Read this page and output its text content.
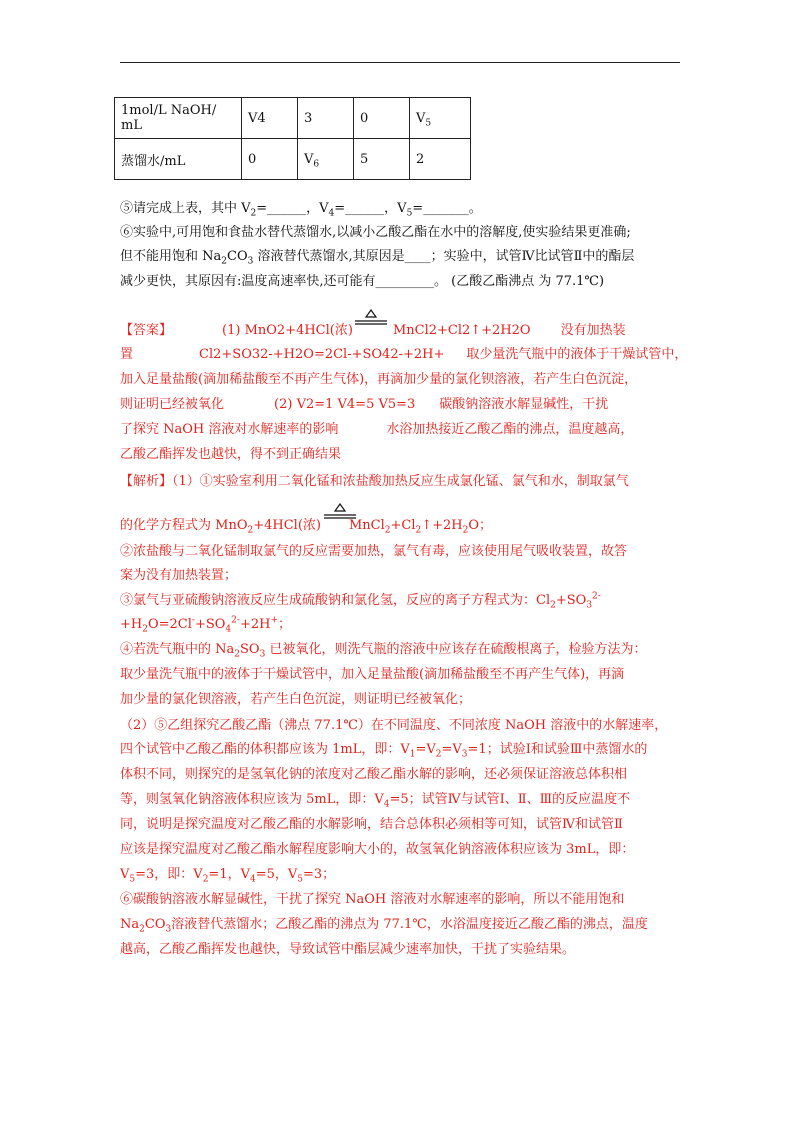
1mol/L NaOH/ mL	V4	3	0	$V_5$
蒸馏水/mL	0	$V_6$	5	2
⑤请完成上表，其中 $V_2=\_\_\_\_\_\_$，$V_4=\_\_\_\_\_\_$，$V_5=\_\_\_\_\_\_\_$。
⑥实验中,可用饱和食盐水替代蒸馏水,以减小乙酸乙酯在水中的溶解度,使实验结果更准确;
但不能用饱和 $Na_2CO_3$ 溶液替代蒸馏水,其原因是____；实验中，试管Ⅳ比试管Ⅱ中的酯层
减少更快，其原因有:温度高速率快,还可能有_________。 (乙酸乙酯沸点 为 77.1℃)
【答案】	(1) MnO2+4HCl(浓)	MnCl2+Cl2↑+2H2O 没有加热装
置	Cl2+SO32-+H2O=2Cl-+SO42-+2H+ 取少量洗气瓶中的液体于干燥试管中，
加入足量盐酸(滴加稀盐酸至不再产生气体)，再滴加少量的氯化钡溶液，若产生白色沉淀，
则证明已经被氧化	(2) V2=1 V4=5 V5=3 碳酸钠溶液水解显碱性，干扰
了探究 NaOH 溶液对水解速率的影响	水浴加热接近乙酸乙酯的沸点，温度越高，
乙酸乙酯挥发也越快，得不到正确结果
【解析】（1）①实验室利用二氧化锰和浓盐酸加热反应生成氯化锰、氯气和水，制取氯气
的化学方程式为 MnO$_2$+4HCl(浓) $MnCl_2+Cl_2↑+2H_2O$；
②浓盐酸与二氧化锰制取氯气的反应需要加热，氯气有毒，应该使用尾气吸收装置，故答
案为没有加热装置；
③氯气与亚硫酸钠溶液反应生成硫酸钠和氯化氢，反应的离子方程式为：$Cl_2+SO_3^{2-}$
$+H_2O=2Cl^-+SO_4^{2-}+2H^+$；
④若洗气瓶中的 $Na_2SO_3$ 已被氧化，则洗气瓶的溶液中应该存在硫酸根离子，检验方法为：
取少量洗气瓶中的液体于干燥试管中，加入足量盐酸(滴加稀盐酸至不再产生气体)，再滴
加少量的氯化钡溶液，若产生白色沉淀，则证明已经被氧化；
（2）⑤乙组探究乙酸乙酯（沸点 77.1℃）在不同温度、不同浓度 NaOH 溶液中的水解速率，
四个试管中乙酸乙酯的体积都应该为 1mL，即：$V_1=V_2=V_3=1$；试验Ⅰ和试验Ⅲ中蒸馏水的
体积不同，则探究的是氢氧化钠的浓度对乙酸乙酯水解的影响，还必须保证溶液总体积相
等，则氢氧化钠溶液体积应该为 5mL，即：$V_4=5$；试管Ⅳ与试管Ⅰ、Ⅱ、Ⅲ的反应温度不
同，说明是探究温度对乙酸乙酯的水解影响，结合总体积必须相等可知，试管Ⅳ和试管Ⅱ
应该是探究温度对乙酸乙酯水解程度影响大小的，故氢氧化钠溶液体积应该为 3mL，即：
$V_5=3$，即：$V_2=1$，$V_4=5$，$V_5=3$；
⑥碳酸钠溶液水解显碱性，干扰了探究 NaOH 溶液对水解速率的影响，所以不能用饱和
$Na_2CO_3$溶液替代蒸馏水；乙酸乙酯的沸点为 77.1℃，水浴温度接近乙酸乙酯的沸点，温度
越高，乙酸乙酯挥发也越快，导致试管中酯层减少速率加快，干扰了实验结果。
